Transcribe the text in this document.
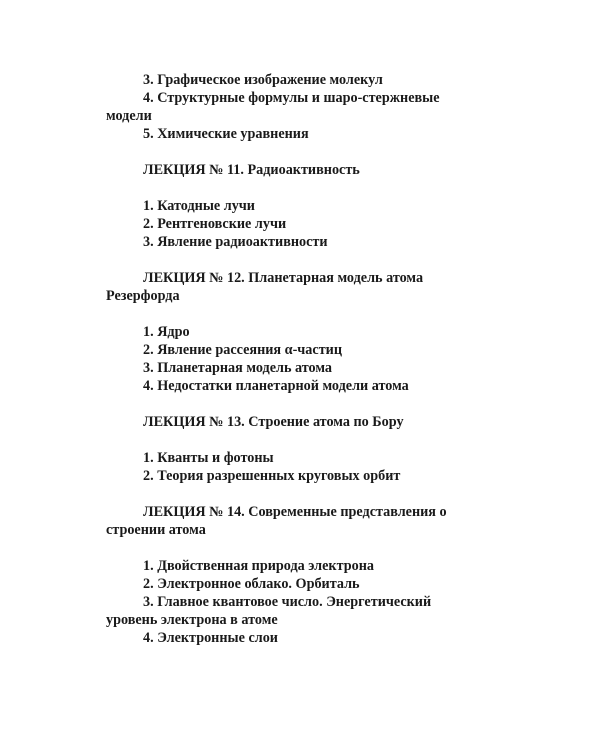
3. Графическое изображение молекул

4. Структурные формулы и шаро-стержневые

модели

5. Химические уравнения

ЛЕКЦИЯ № 11. Радиоактивность

1. Катодные лучи

2. Рентгеновские лучи

3. Явление радиоактивности

ЛЕКЦИЯ № 12. Планетарная модель атома

Резерфорда

1. Ядро

2. Явление рассеяния α-частиц

3. Планетарная модель атома

4. Недостатки планетарной модели атома

ЛЕКЦИЯ № 13. Строение атома по Бору

1. Кванты и фотоны

2. Теория разрешенных круговых орбит

ЛЕКЦИЯ № 14. Современные представления о

строении атома

1. Двойственная природа электрона

2. Электронное облако. Орбиталь

3. Главное квантовое число. Энергетический

уровень электрона в атоме

4. Электронные слои
